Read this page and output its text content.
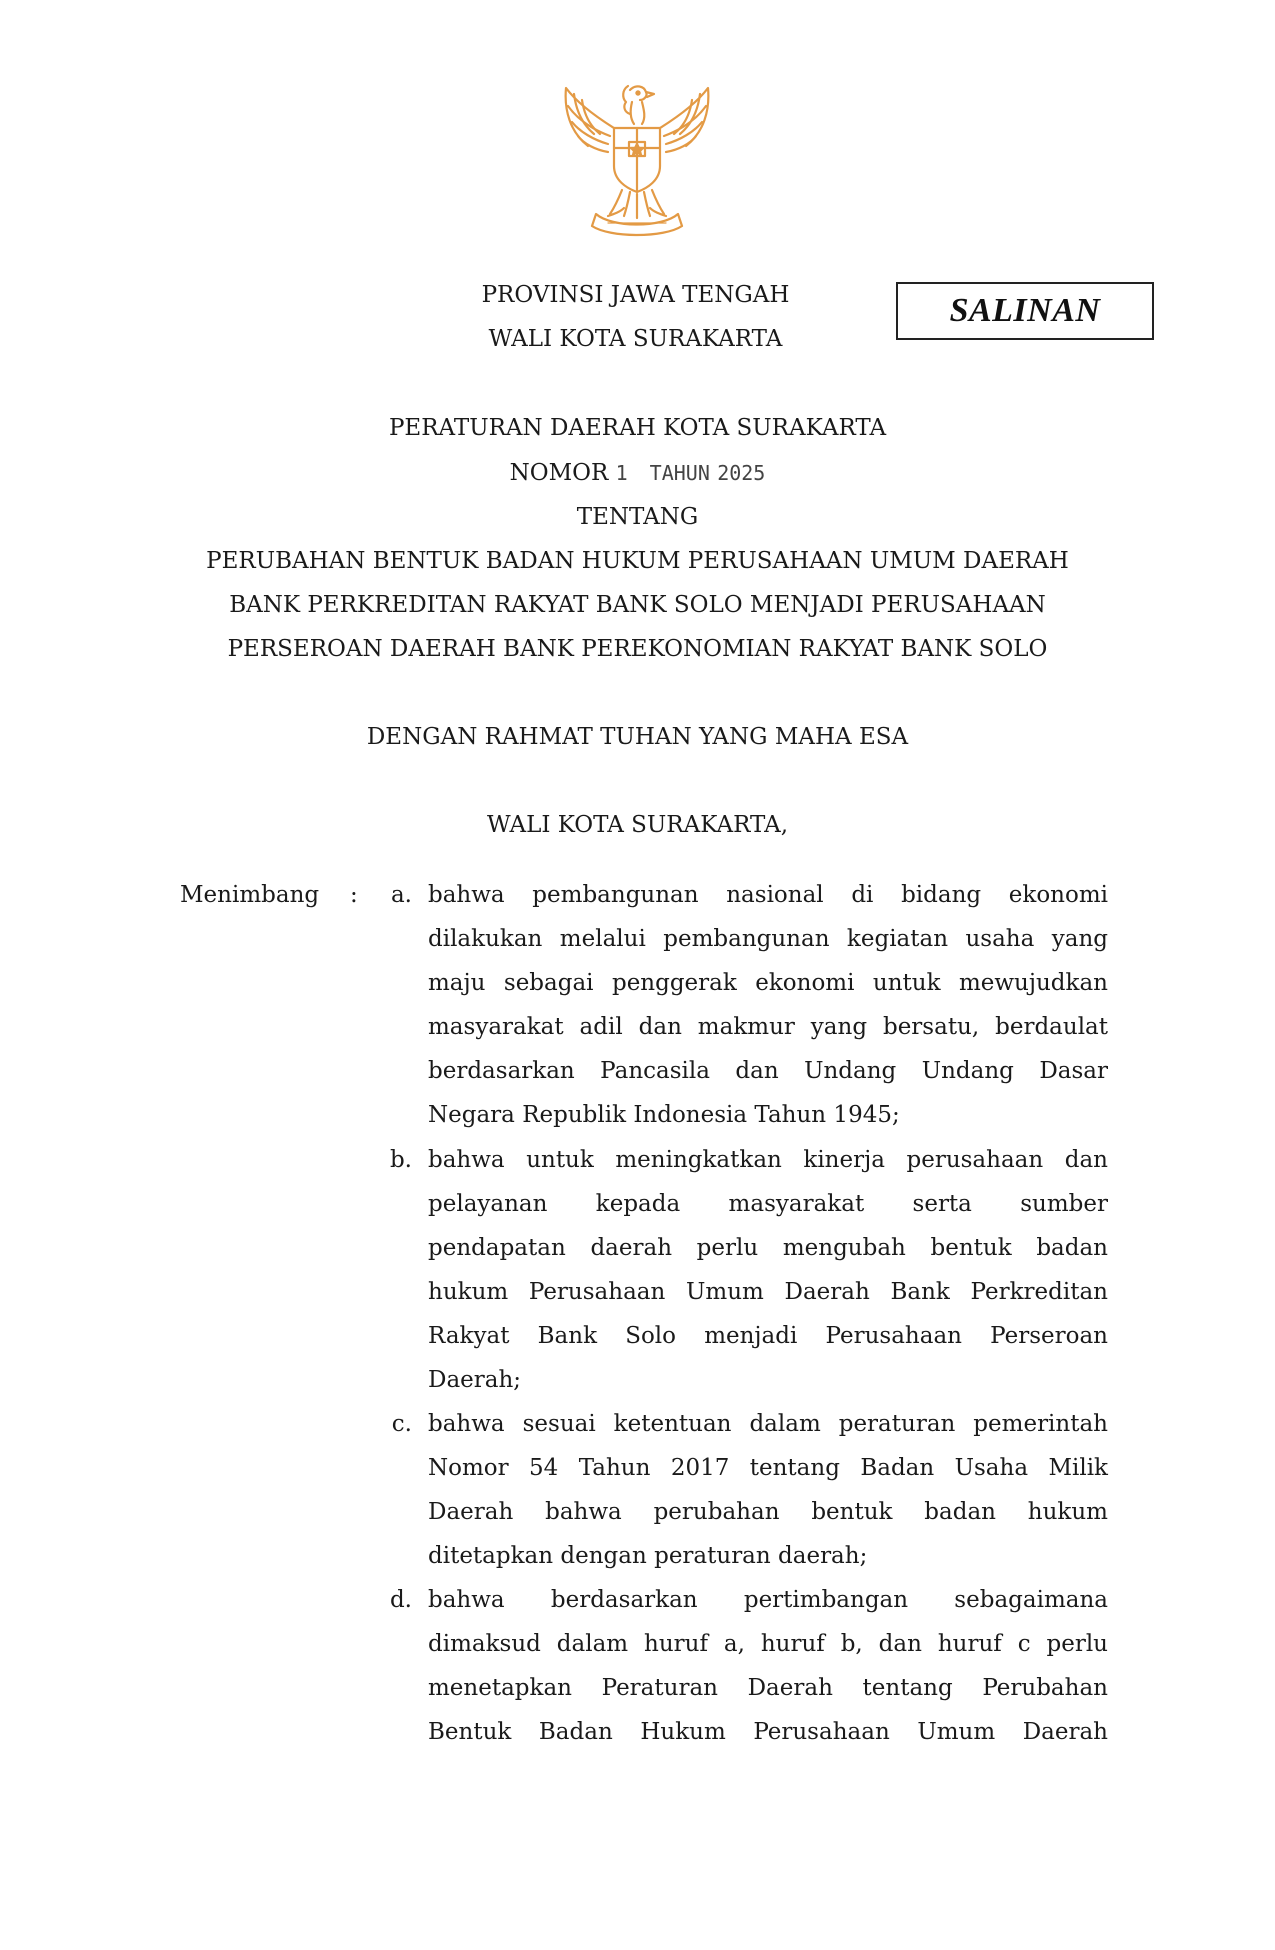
PROVINSI JAWA TENGAH
WALI KOTA SURAKARTA
SALINAN
PERATURAN DAERAH KOTA SURAKARTA
NOMOR 1 TAHUN 2025
TENTANG
PERUBAHAN BENTUK BADAN HUKUM PERUSAHAAN UMUM DAERAH
BANK PERKREDITAN RAKYAT BANK SOLO MENJADI PERUSAHAAN
PERSEROAN DAERAH BANK PEREKONOMIAN RAKYAT BANK SOLO
DENGAN RAHMAT TUHAN YANG MAHA ESA
WALI KOTA SURAKARTA,
Menimbang :	a. bahwa pembangunan nasional di bidang ekonomi
dilakukan melalui pembangunan kegiatan usaha yang
maju sebagai penggerak ekonomi untuk mewujudkan
masyarakat adil dan makmur yang bersatu, berdaulat
berdasarkan Pancasila dan Undang Undang Dasar
Negara Republik Indonesia Tahun 1945;
b. bahwa untuk meningkatkan kinerja perusahaan dan
pelayanan kepada masyarakat serta sumber
pendapatan daerah perlu mengubah bentuk badan
hukum Perusahaan Umum Daerah Bank Perkreditan
Rakyat Bank Solo menjadi Perusahaan Perseroan
Daerah;
c. bahwa sesuai ketentuan dalam peraturan pemerintah
Nomor 54 Tahun 2017 tentang Badan Usaha Milik
Daerah bahwa perubahan bentuk badan hukum
ditetapkan dengan peraturan daerah;
d. bahwa berdasarkan pertimbangan sebagaimana
dimaksud dalam huruf a, huruf b, dan huruf c perlu
menetapkan Peraturan Daerah tentang Perubahan
Bentuk Badan Hukum Perusahaan Umum Daerah
